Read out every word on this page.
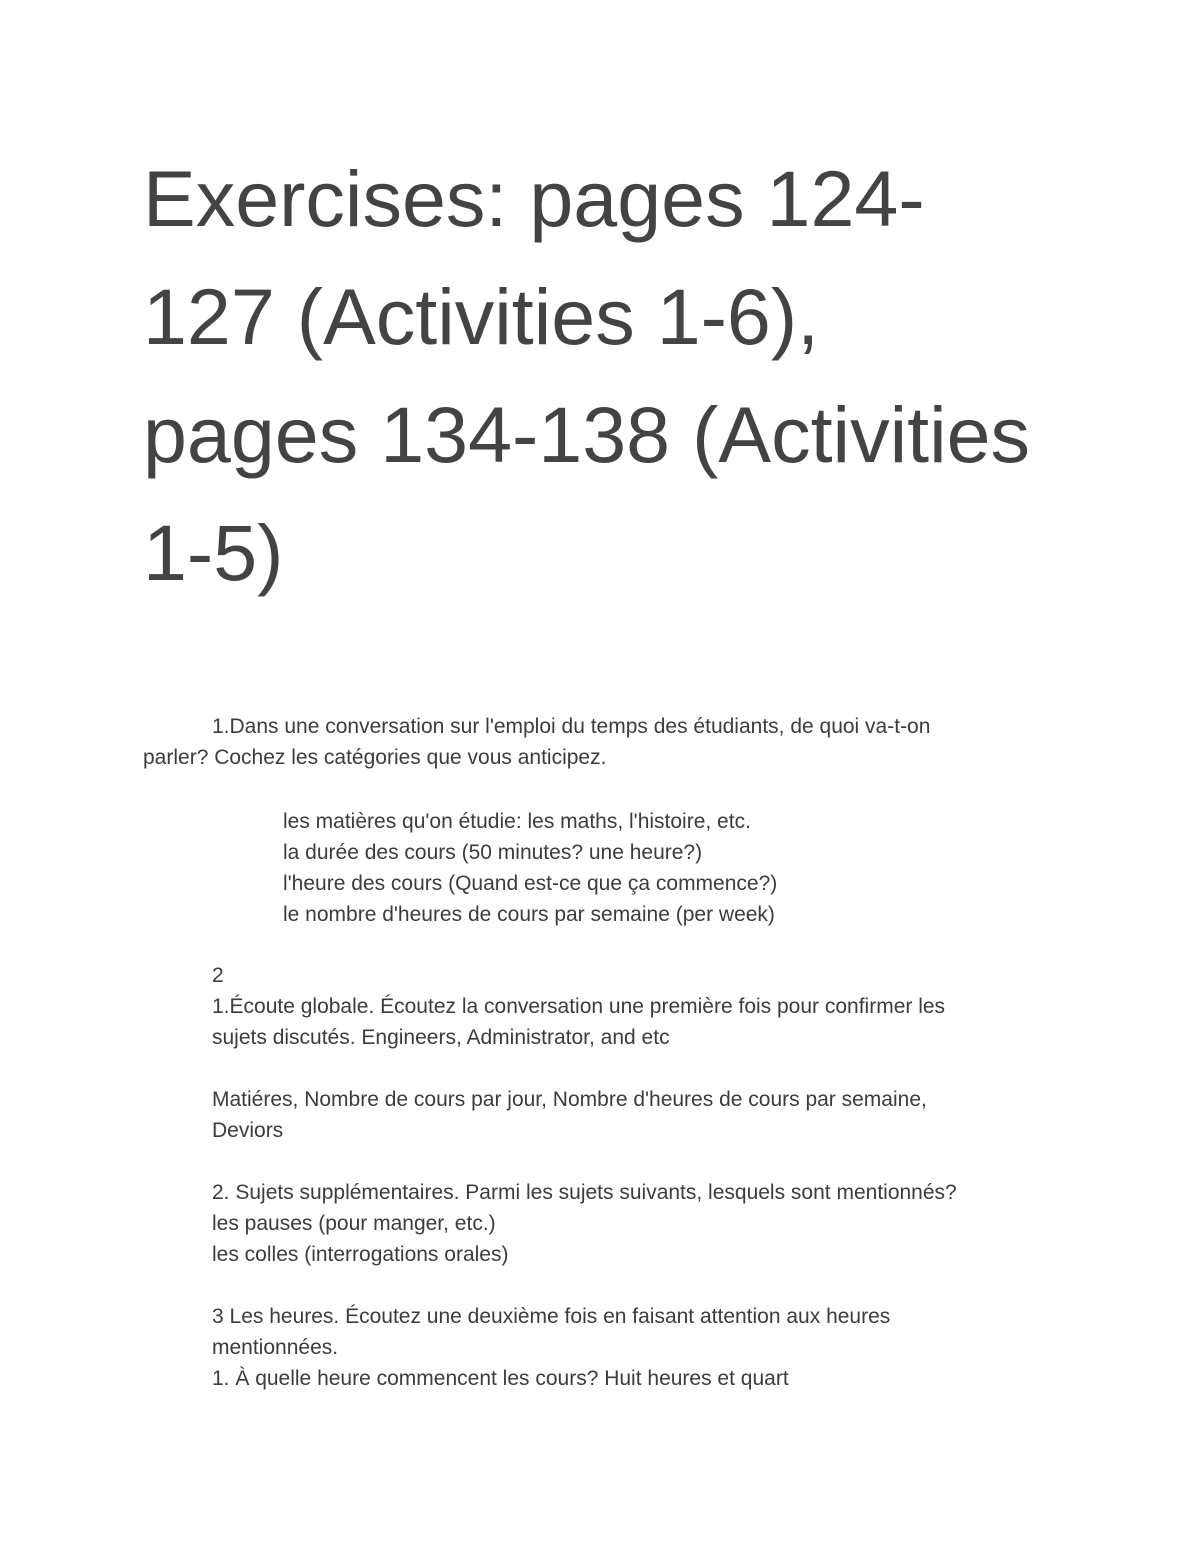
Exercises: pages 124-
127 (Activities 1-6),
pages 134-138 (Activities
1-5)
1.Dans une conversation sur l'emploi du temps des étudiants, de quoi va-t-on
parler? Cochez les catégories que vous anticipez.
les matières qu'on étudie: les maths, l'histoire, etc.
la durée des cours (50 minutes? une heure?)
l'heure des cours (Quand est-ce que ça commence?)
le nombre d'heures de cours par semaine (per week)
2
1.Écoute globale. Écoutez la conversation une première fois pour confirmer les
sujets discutés. Engineers, Administrator, and etc
Matiéres, Nombre de cours par jour, Nombre d'heures de cours par semaine,
Deviors
2. Sujets supplémentaires. Parmi les sujets suivants, lesquels sont mentionnés?
les pauses (pour manger, etc.)
les colles (interrogations orales)
3 Les heures. Écoutez une deuxième fois en faisant attention aux heures
mentionnées.
1. À quelle heure commencent les cours? Huit heures et quart
